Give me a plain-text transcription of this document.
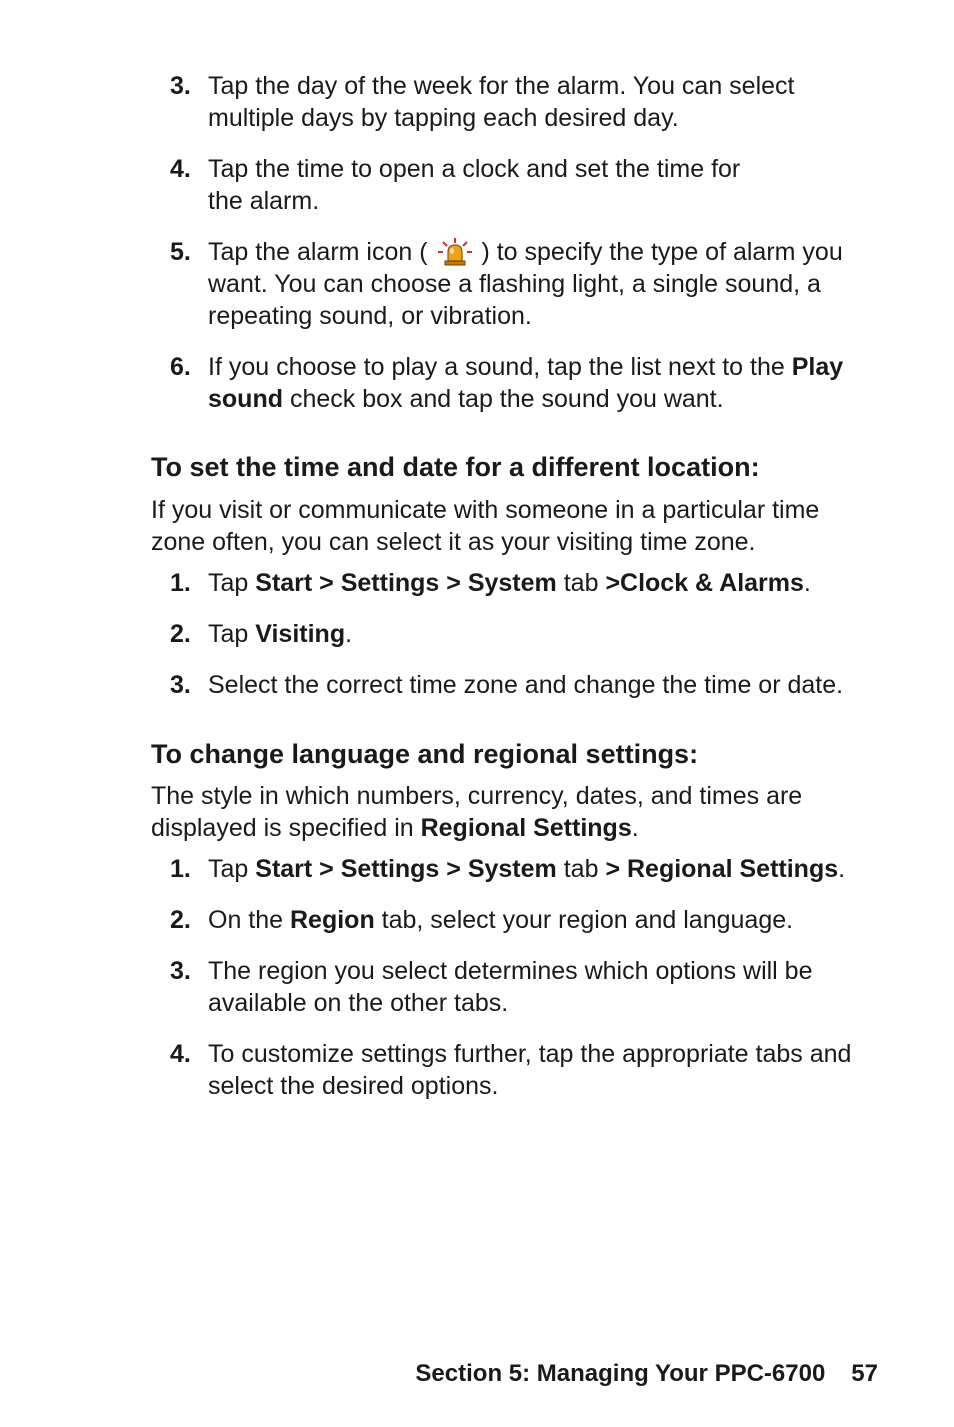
3. Tap the day of the week for the alarm. You can select multiple days by tapping each desired day.
4. Tap the time to open a clock and set the time for
the alarm.
5. Tap the alarm icon ( ) to specify the type of alarm you want. You can choose a flashing light, a single sound, a repeating sound, or vibration.
6. If you choose to play a sound, tap the list next to the Play sound check box and tap the sound you want.
To set the time and date for a different location:

If you visit or communicate with someone in a particular time zone often, you can select it as your visiting time zone.

1. Tap Start > Settings > System tab >Clock & Alarms.
2. Tap Visiting.
3. Select the correct time zone and change the time or date.
To change language and regional settings:

The style in which numbers, currency, dates, and times are displayed is specified in Regional Settings.

1. Tap Start > Settings > System tab > Regional Settings.
2. On the Region tab, select your region and language.
3. The region you select determines which options will be available on the other tabs.
4. To customize settings further, tap the appropriate tabs and select the desired options.
Section 5: Managing Your PPC-6700 57
